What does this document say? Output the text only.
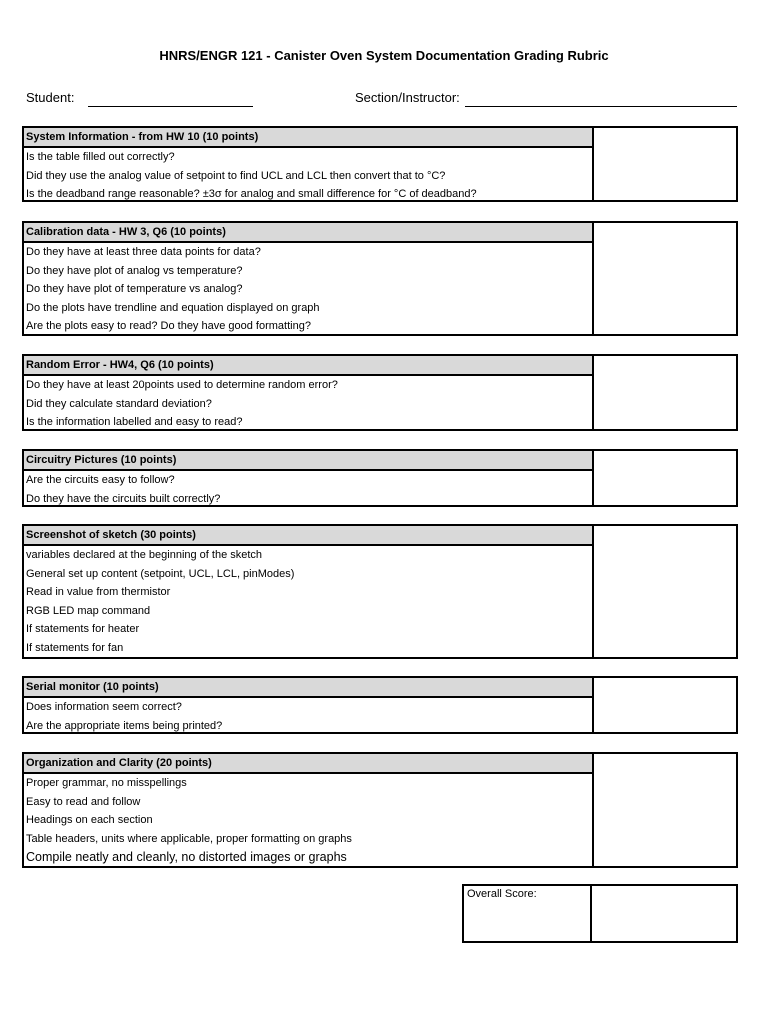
HNRS/ENGR 121 - Canister Oven System Documentation Grading Rubric
Student:	Section/Instructor:
System Information - from HW 10 (10 points)
Is the table filled out correctly?
Did they use the analog value of setpoint to find UCL and LCL then convert that to °C?
Is the deadband range reasonable? ±3σ for analog and small difference for °C of deadband?
Calibration data - HW 3, Q6 (10 points)
Do they have at least three data points for data?
Do they have plot of analog vs temperature?
Do they have plot of temperature vs analog?
Do the plots have trendline and equation displayed on graph
Are the plots easy to read? Do they have good formatting?
Random Error - HW4, Q6 (10 points)
Do they have at least 20points used to determine random error?
Did they calculate standard deviation?
Is the information labelled and easy to read?
Circuitry Pictures (10 points)
Are the circuits easy to follow?
Do they have the circuits built correctly?
Screenshot of sketch (30 points)
variables declared at the beginning of the sketch
General set up content (setpoint, UCL, LCL, pinModes)
Read in value from thermistor
RGB LED map command
If statements for heater
If statements for fan
Serial monitor (10 points)
Does information seem correct?
Are the appropriate items being printed?
Organization and Clarity (20 points)
Proper grammar, no misspellings
Easy to read and follow
Headings on each section
Table headers, units where applicable, proper formatting on graphs
Compile neatly and cleanly, no distorted images or graphs
Overall Score:
